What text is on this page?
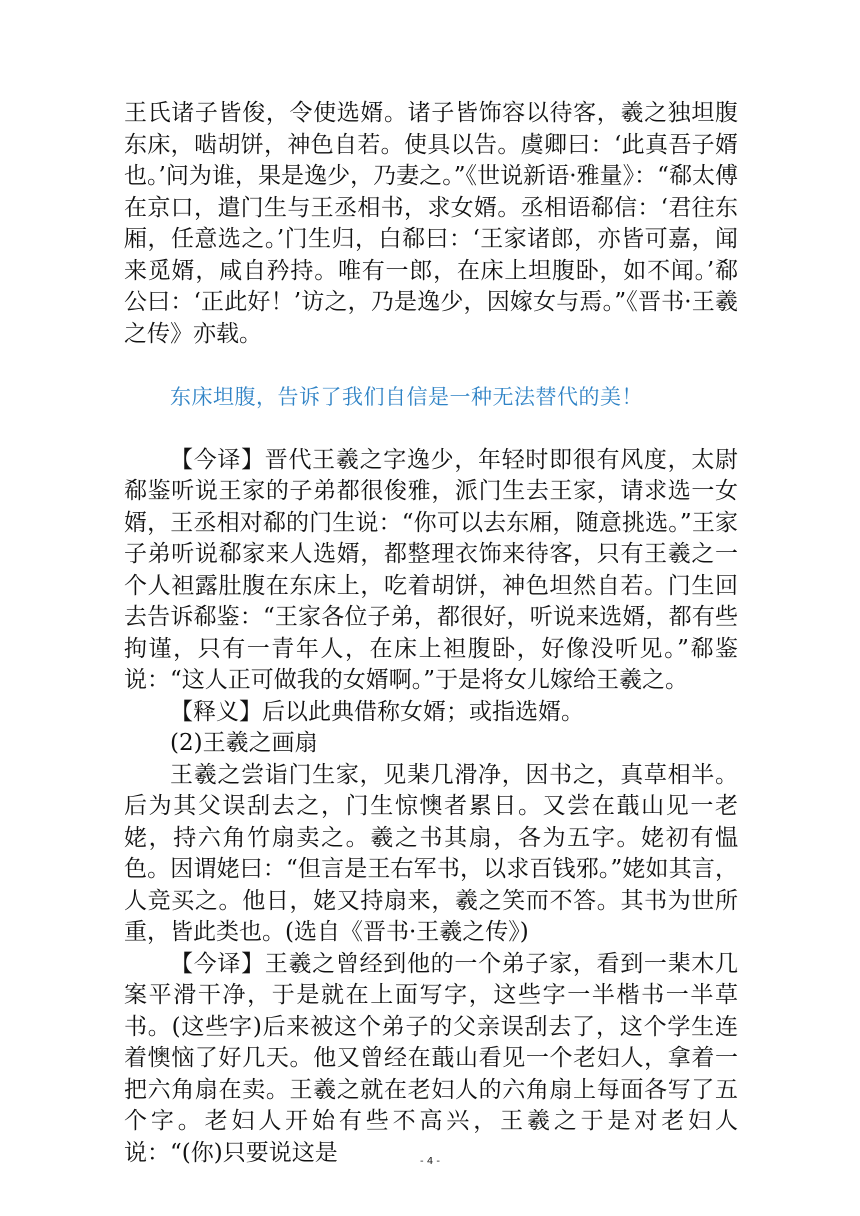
王氏诸子皆俊，令使选婿。诸子皆饰容以待客，羲之独坦腹东床，啮胡饼，神色自若。使具以告。虞卿曰：‘此真吾子婿也。’问为谁，果是逸少，乃妻之。”《世说新语·雅量》：“郗太傅在京口，遣门生与王丞相书，求女婿。丞相语郗信：‘君往东厢，任意选之。’门生归，白郗曰：‘王家诸郎，亦皆可嘉，闻来觅婿，咸自矜持。唯有一郎，在床上坦腹卧，如不闻。’郗公曰：‘正此好！’访之，乃是逸少，因嫁女与焉。”《晋书·王羲之传》亦载。

东床坦腹，告诉了我们自信是一种无法替代的美！

【今译】晋代王羲之字逸少，年轻时即很有风度，太尉郗鉴听说王家的子弟都很俊雅，派门生去王家，请求选一女婿，王丞相对郗的门生说：“你可以去东厢，随意挑选。”王家子弟听说郗家来人选婿，都整理衣饰来待客，只有王羲之一个人袒露肚腹在东床上，吃着胡饼，神色坦然自若。门生回去告诉郗鉴：“王家各位子弟，都很好，听说来选婿，都有些拘谨，只有一青年人，在床上袒腹卧，好像没听见。”郗鉴说：“这人正可做我的女婿啊。”于是将女儿嫁给王羲之。

【释义】后以此典借称女婿；或指选婿。

(2)王羲之画扇

王羲之尝诣门生家，见棐几滑净，因书之，真草相半。后为其父误刮去之，门生惊懊者累日。又尝在蕺山见一老姥，持六角竹扇卖之。羲之书其扇，各为五字。姥初有愠色。因谓姥曰：“但言是王右军书，以求百钱邪。”姥如其言，人竞买之。他日，姥又持扇来，羲之笑而不答。其书为世所重，皆此类也。(选自《晋书·王羲之传》)

【今译】王羲之曾经到他的一个弟子家，看到一棐木几案平滑干净，于是就在上面写字，这些字一半楷书一半草书。(这些字)后来被这个弟子的父亲误刮去了，这个学生连着懊恼了好几天。他又曾经在蕺山看见一个老妇人，拿着一把六角扇在卖。王羲之就在老妇人的六角扇上每面各写了五个字。老妇人开始有些不高兴，王羲之于是对老妇人说：“(你)只要说这是	- 4 -
